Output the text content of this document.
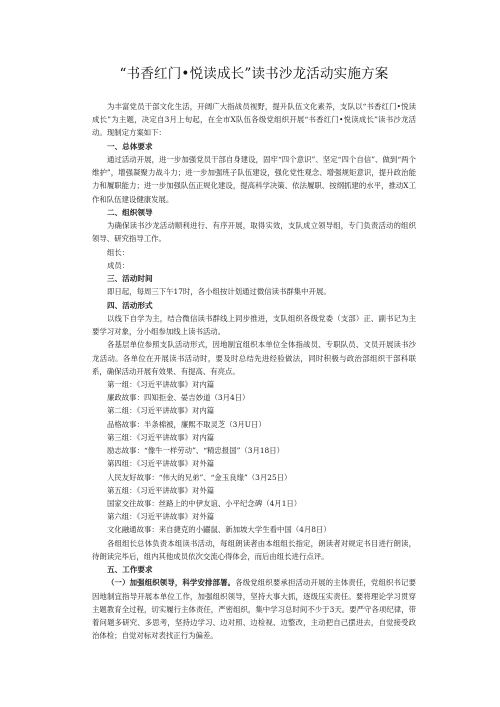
“书香红门•悦读成长”读书沙龙活动实施方案

为丰富党员干部文化生活，开阔广大指战员视野，提升队伍文化素养，支队以“书香红门•悦读成长”为主题，决定自3月上旬起，在全市X队伍各级党组织开展“书香红门•悦读成长”读书沙龙活动。现制定方案如下：

一、总体要求

通过活动开展，进一步加强党员干部自身建设，固牢“四个意识”、坚定“四个自信”、做到“两个维护”，增强凝聚力战斗力；进一步加强班子队伍建设，强化党性观念、增强规矩意识，提升政治能力和履职能力；进一步加强队伍正规化建设，提高科学决策、依法履职、按纲抓建的水平，推动X工作和队伍建设健康发展。

二、组织领导

为确保读书沙龙活动顺利进行、有序开展，取得实效，支队成立领导组，专门负责活动的组织领导、研究指导工作。

组长：

成员：

三、活动时间

即日起，每周三下午17时，各小组按计划通过微信读书群集中开展。

四、活动形式

以线下自学为主，结合微信读书群线上同步推进，支队组织各级党委（支部）正、副书记为主要学习对象，分小组参加线上读书活动。

各基层单位参照支队活动形式，因地制宜组织本单位全体指战员、专职队员、文员开展读书沙龙活动。各单位在开展读书活动时，要及时总结先进经验做法，同时积极与政治部组织干部科联系，确保活动开展有效果、有提高、有亮点。

第一组：《习近平讲故事》对内篇

廉政故事：四知拒金、晏吉妙道（3月4日）

第二组：《习近平讲故事》对内篇

品格故事：半条棉被，廉熙不取灵芝（3月U日）

第三组：《习近平讲故事》对内篇

励志故事：“像牛一样劳动”、“精忠报国”（3月18日）

第四组：《习近平讲故事》对外篇

人民友好故事：“伟大的兄弟”、“金玉良缘”（3月25日）

第五组：《习近平讲故事》对外篇

国家交往故事：丝路上的中伊友谊、小平纪念碑（4月1日）

第六组：《习近平讲故事》对外篇

文化融通故事：来自捷克的小鼹鼠、新加坡大学生看中国（4月8日）

各组组长总体负责本组读书活动，每组朗读者由本组组长指定，朗读者对规定书目进行朗读，待朗读完毕后，组内其他成员依次交流心得体会，而后由组长进行点评。

五、工作要求

（一）加强组织领导，科学安排部署。各级党组织要承担活动开展的主体责任，党组织书记要因地制宜指导开展本单位工作，加强组织领导，坚持大事大抓，逐级压实责任。要将理论学习贯穿主题教育全过程，切实履行主体责任，严密组织，集中学习总时间不少于3天。要严守各项纪律，带着问题多研究、多思考，坚持边学习、边对照、边检视、边整改，主动把自己摆进去，自觉接受政治体检；自觉对标对表找正行为偏差。
